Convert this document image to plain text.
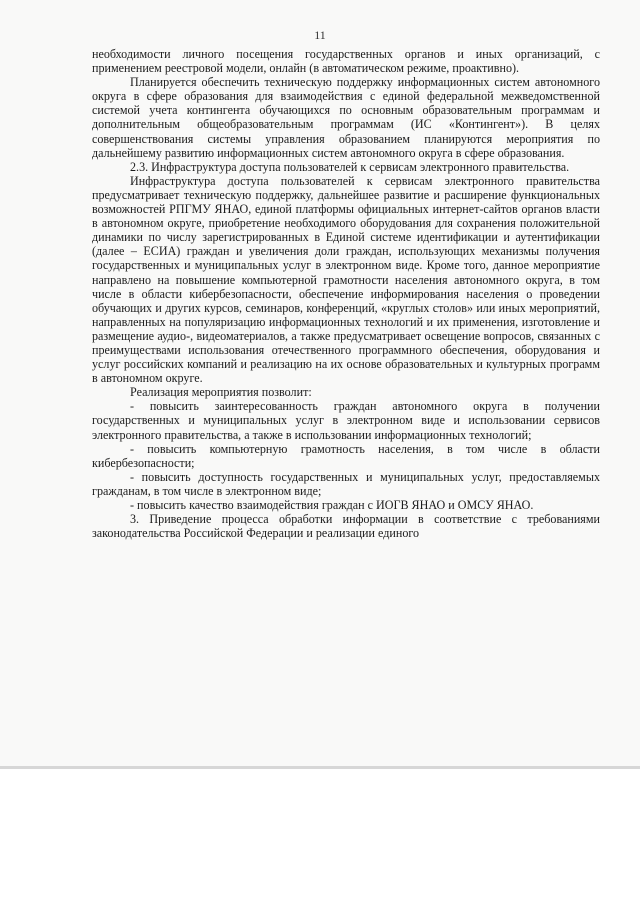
11

необходимости личного посещения государственных органов и иных организаций, с применением реестровой модели, онлайн (в автоматическом режиме, проактивно).

Планируется обеспечить техническую поддержку информационных систем автономного округа в сфере образования для взаимодействия с единой федеральной межведомственной системой учета контингента обучающихся по основным образовательным программам и дополнительным общеобразовательным программам (ИС «Контингент»). В целях совершенствования системы управления образованием планируются мероприятия по дальнейшему развитию информационных систем автономного округа в сфере образования.

2.3. Инфраструктура доступа пользователей к сервисам электронного правительства.

Инфраструктура доступа пользователей к сервисам электронного правительства предусматривает техническую поддержку, дальнейшее развитие и расширение функциональных возможностей РПГМУ ЯНАО, единой платформы официальных интернет-сайтов органов власти в автономном округе, приобретение необходимого оборудования для сохранения положительной динамики по числу зарегистрированных в Единой системе идентификации и аутентификации (далее – ЕСИА) граждан и увеличения доли граждан, использующих механизмы получения государственных и муниципальных услуг в электронном виде. Кроме того, данное мероприятие направлено на повышение компьютерной грамотности населения автономного округа, в том числе в области кибербезопасности, обеспечение информирования населения о проведении обучающих и других курсов, семинаров, конференций, «круглых столов» или иных мероприятий, направленных на популяризацию информационных технологий и их применения, изготовление и размещение аудио-, видеоматериалов, а также предусматривает освещение вопросов, связанных с преимуществами использования отечественного программного обеспечения, оборудования и услуг российских компаний и реализацию на их основе образовательных и культурных программ в автономном округе.

Реализация мероприятия позволит:

- повысить заинтересованность граждан автономного округа в получении государственных и муниципальных услуг в электронном виде и использовании сервисов электронного правительства, а также в использовании информационных технологий;

- повысить компьютерную грамотность населения, в том числе в области кибербезопасности;

- повысить доступность государственных и муниципальных услуг, предоставляемых гражданам, в том числе в электронном виде;

- повысить качество взаимодействия граждан с ИОГВ ЯНАО и ОМСУ ЯНАО.

3. Приведение процесса обработки информации в соответствие с требованиями законодательства Российской Федерации и реализации единого
